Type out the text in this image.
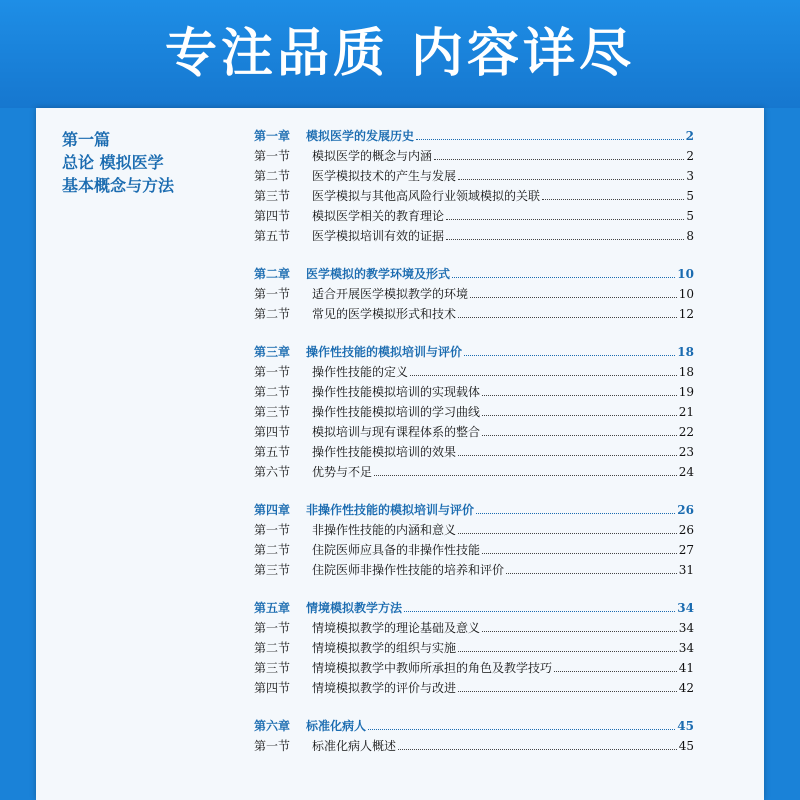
专注品质 内容详尽
第一篇
总论 模拟医学
基本概念与方法
第一章	模拟医学的发展历史	2
第一节	模拟医学的概念与内涵	2
第二节	医学模拟技术的产生与发展	3
第三节	医学模拟与其他高风险行业领域模拟的关联	5
第四节	模拟医学相关的教育理论	5
第五节	医学模拟培训有效的证据	8
第二章	医学模拟的教学环境及形式	10
第一节	适合开展医学模拟教学的环境	10
第二节	常见的医学模拟形式和技术	12
第三章	操作性技能的模拟培训与评价	18
第一节	操作性技能的定义	18
第二节	操作性技能模拟培训的实现载体	19
第三节	操作性技能模拟培训的学习曲线	21
第四节	模拟培训与现有课程体系的整合	22
第五节	操作性技能模拟培训的效果	23
第六节	优势与不足	24
第四章	非操作性技能的模拟培训与评价	26
第一节	非操作性技能的内涵和意义	26
第二节	住院医师应具备的非操作性技能	27
第三节	住院医师非操作性技能的培养和评价	31
第五章	情境模拟教学方法	34
第一节	情境模拟教学的理论基础及意义	34
第二节	情境模拟教学的组织与实施	34
第三节	情境模拟教学中教师所承担的角色及教学技巧	41
第四节	情境模拟教学的评价与改进	42
第六章	标准化病人	45
第一节	标准化病人概述	45
